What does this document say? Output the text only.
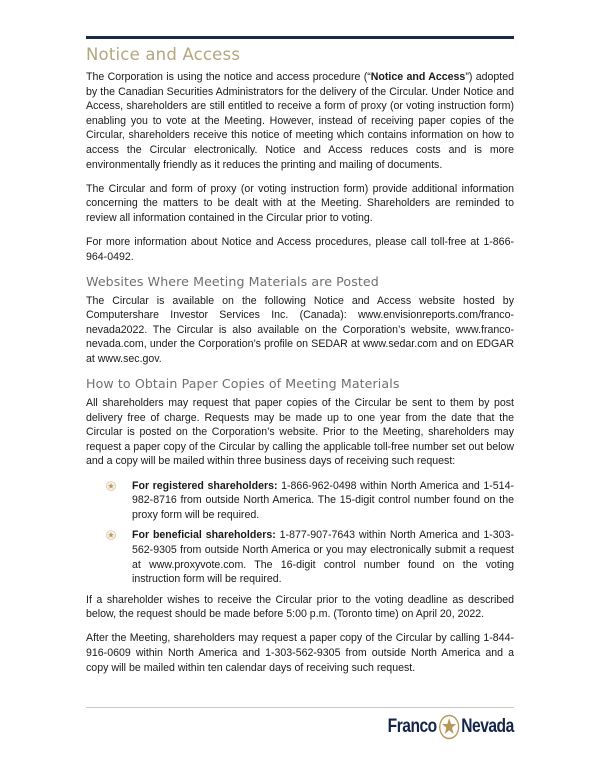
Notice and Access

The Corporation is using the notice and access procedure (“Notice and Access”) adopted by the Canadian Securities Administrators for the delivery of the Circular. Under Notice and Access, shareholders are still entitled to receive a form of proxy (or voting instruction form) enabling you to vote at the Meeting. However, instead of receiving paper copies of the Circular, shareholders receive this notice of meeting which contains information on how to access the Circular electronically. Notice and Access reduces costs and is more environmentally friendly as it reduces the printing and mailing of documents.

The Circular and form of proxy (or voting instruction form) provide additional information concerning the matters to be dealt with at the Meeting. Shareholders are reminded to review all information contained in the Circular prior to voting.

For more information about Notice and Access procedures, please call toll-free at 1-866-964-0492.

Websites Where Meeting Materials are Posted

The Circular is available on the following Notice and Access website hosted by Computershare Investor Services Inc. (Canada): www.envisionreports.com/franco-nevada2022. The Circular is also available on the Corporation’s website, www.franco-nevada.com, under the Corporation’s profile on SEDAR at www.sedar.com and on EDGAR at www.sec.gov.

How to Obtain Paper Copies of Meeting Materials

All shareholders may request that paper copies of the Circular be sent to them by post delivery free of charge. Requests may be made up to one year from the date that the Circular is posted on the Corporation’s website. Prior to the Meeting, shareholders may request a paper copy of the Circular by calling the applicable toll-free number set out below and a copy will be mailed within three business days of receiving such request:

For registered shareholders: 1-866-962-0498 within North America and 1-514-982-8716 from outside North America. The 15-digit control number found on the proxy form will be required.
For beneficial shareholders: 1-877-907-7643 within North America and 1-303-562-9305 from outside North America or you may electronically submit a request at www.proxyvote.com. The 16-digit control number found on the voting instruction form will be required.

If a shareholder wishes to receive the Circular prior to the voting deadline as described below, the request should be made before 5:00 p.m. (Toronto time) on April 20, 2022.

After the Meeting, shareholders may request a paper copy of the Circular by calling 1-844-916-0609 within North America and 1-303-562-9305 from outside North America and a copy will be mailed within ten calendar days of receiving such request.

Franco Nevada
